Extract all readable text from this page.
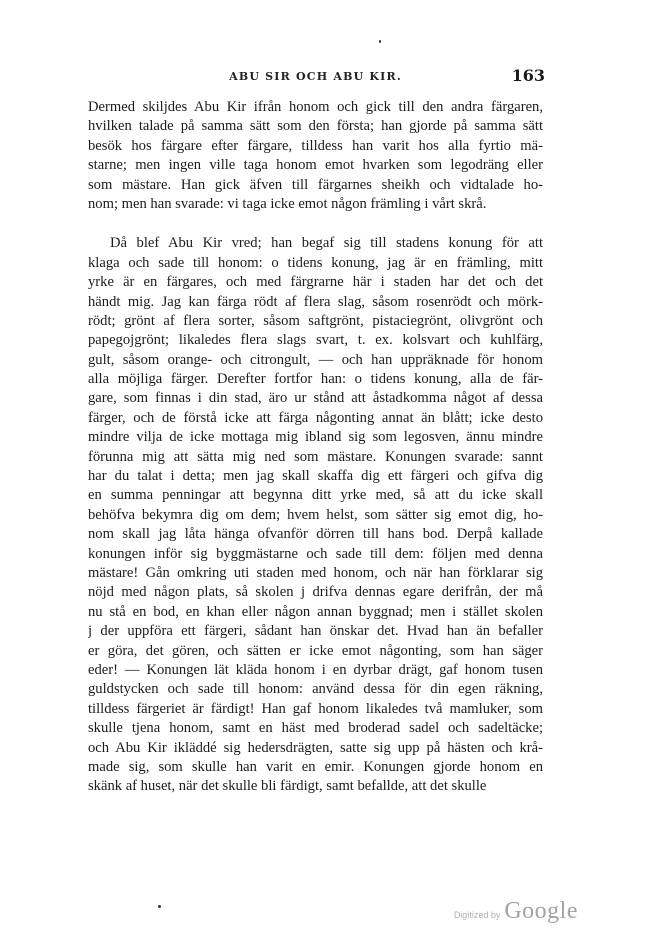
ABU SIR OCH ABU KIR.	163

Dermed skiljdes Abu Kir ifrån honom och gick till den andra färgaren,
hvilken talade på samma sätt som den första; han gjorde på samma sätt
besök hos färgare efter färgare, tilldess han varit hos alla fyrtio mä-
starne; men ingen ville taga honom emot hvarken som legodräng eller
som mästare. Han gick äfven till färgarnes sheikh och vidtalade ho-
nom; men han svarade: vi taga icke emot någon främling i vårt skrå.

Då blef Abu Kir vred; han begaf sig till stadens konung för att
klaga och sade till honom: o tidens konung, jag är en främling, mitt
yrke är en färgares, och med färgrarne här i staden har det och det
händt mig. Jag kan färga rödt af flera slag, såsom rosenrödt och mörk-
rödt; grönt af flera sorter, såsom saftgrönt, pistaciegrönt, olivgrönt och
papegojgrönt; likaledes flera slags svart, t. ex. kolsvart och kuhlfärg,
gult, såsom orange- och citrongult, — och han uppräknade för honom
alla möjliga färger. Derefter fortfor han: o tidens konung, alla de fär-
gare, som finnas i din stad, äro ur stånd att åstadkomma något af dessa
färger, och de förstå icke att färga någonting annat än blått; icke desto
mindre vilja de icke mottaga mig ibland sig som legosven, ännu mindre
förunna mig att sätta mig ned som mästare. Konungen svarade: sannt
har du talat i detta; men jag skall skaffa dig ett färgeri och gifva dig
en summa penningar att begynna ditt yrke med, så att du icke skall
behöfva bekymra dig om dem; hvem helst, som sätter sig emot dig, ho-
nom skall jag låta hänga ofvanför dörren till hans bod. Derpå kallade
konungen inför sig byggmästarne och sade till dem: följen med denna
mästare! Gån omkring uti staden med honom, och när han förklarar sig
nöjd med någon plats, så skolen j drifva dennas egare derifrån, der må
nu stå en bod, en khan eller någon annan byggnad; men i stället skolen
j der uppföra ett färgeri, sådant han önskar det. Hvad han än befaller
er göra, det gören, och sätten er icke emot någonting, som han säger
eder! — Konungen lät kläda honom i en dyrbar drägt, gaf honom tusen
guldstycken och sade till honom: använd dessa för din egen räkning,
tilldess färgeriet är färdigt! Han gaf honom likaledes två mamluker, som
skulle tjena honom, samt en häst med broderad sadel och sadeltäcke;
och Abu Kir ikläddé sig hedersdrägten, satte sig upp på hästen och krå-
made sig, som skulle han varit en emir. Konungen gjorde honom en
skänk af huset, när det skulle bli färdigt, samt befallde, att det skulle

Digitized by Google
